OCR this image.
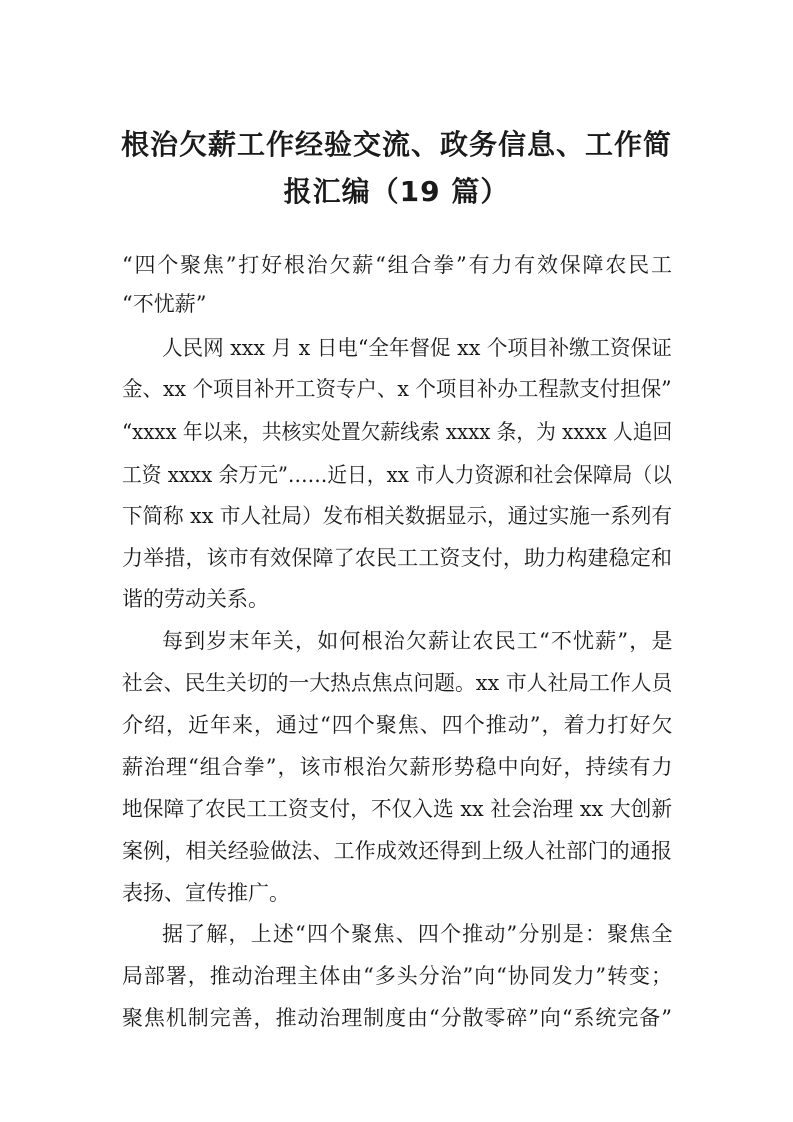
根治欠薪工作经验交流、政务信息、工作简
报汇编（19 篇）

“四个聚焦”打好根治欠薪“组合拳”有力有效保障农民工

“不忧薪”

人民网 xxx 月 x 日电“全年督促 xx 个项目补缴工资保证

金、xx 个项目补开工资专户、x 个项目补办工程款支付担保”

“xxxx 年以来，共核实处置欠薪线索 xxxx 条，为 xxxx 人追回

工资 xxxx 余万元”……近日，xx 市人力资源和社会保障局（以

下简称 xx 市人社局）发布相关数据显示，通过实施一系列有

力举措，该市有效保障了农民工工资支付，助力构建稳定和

谐的劳动关系。

每到岁末年关，如何根治欠薪让农民工“不忧薪”，是

社会、民生关切的一大热点焦点问题。xx 市人社局工作人员

介绍，近年来，通过“四个聚焦、四个推动”，着力打好欠

薪治理“组合拳”，该市根治欠薪形势稳中向好，持续有力

地保障了农民工工资支付，不仅入选 xx 社会治理 xx 大创新

案例，相关经验做法、工作成效还得到上级人社部门的通报

表扬、宣传推广。

据了解，上述“四个聚焦、四个推动”分别是：聚焦全

局部署，推动治理主体由“多头分治”向“协同发力”转变；

聚焦机制完善，推动治理制度由“分散零碎”向“系统完备”
